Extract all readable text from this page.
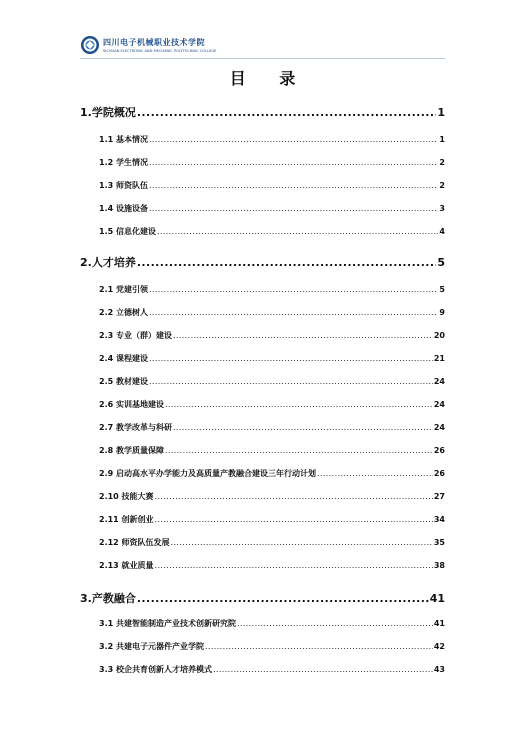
四川电子机械职业技术学院
SICHUAN ELECTRONIC AND MECHANIC POLYTECHNIC COLLEGE
目 录
1.学院概况 .....	1
1.1 基本情况 .....	1
1.2 学生情况 .....	2
1.3 师资队伍 .....	2
1.4 设施设备 .....	3
1.5 信息化建设 .....	4
2.人才培养 .....	5
2.1 党建引领 .....	5
2.2 立德树人 .....	9
2.3 专业（群）建设 .....	20
2.4 课程建设 .....	21
2.5 教材建设 .....	24
2.6 实训基地建设 .....	24
2.7 教学改革与科研 .....	24
2.8 教学质量保障 .....	26
2.9 启动高水平办学能力及高质量产教融合建设三年行动计划 .....	26
2.10 技能大赛 .....	27
2.11 创新创业 .....	34
2.12 师资队伍发展 .....	35
2.13 就业质量 .....	38
3.产教融合 .....	41
3.1 共建智能制造产业技术创新研究院 .....	41
3.2 共建电子元器件产业学院 .....	42
3.3 校企共育创新人才培养模式 .....	43
